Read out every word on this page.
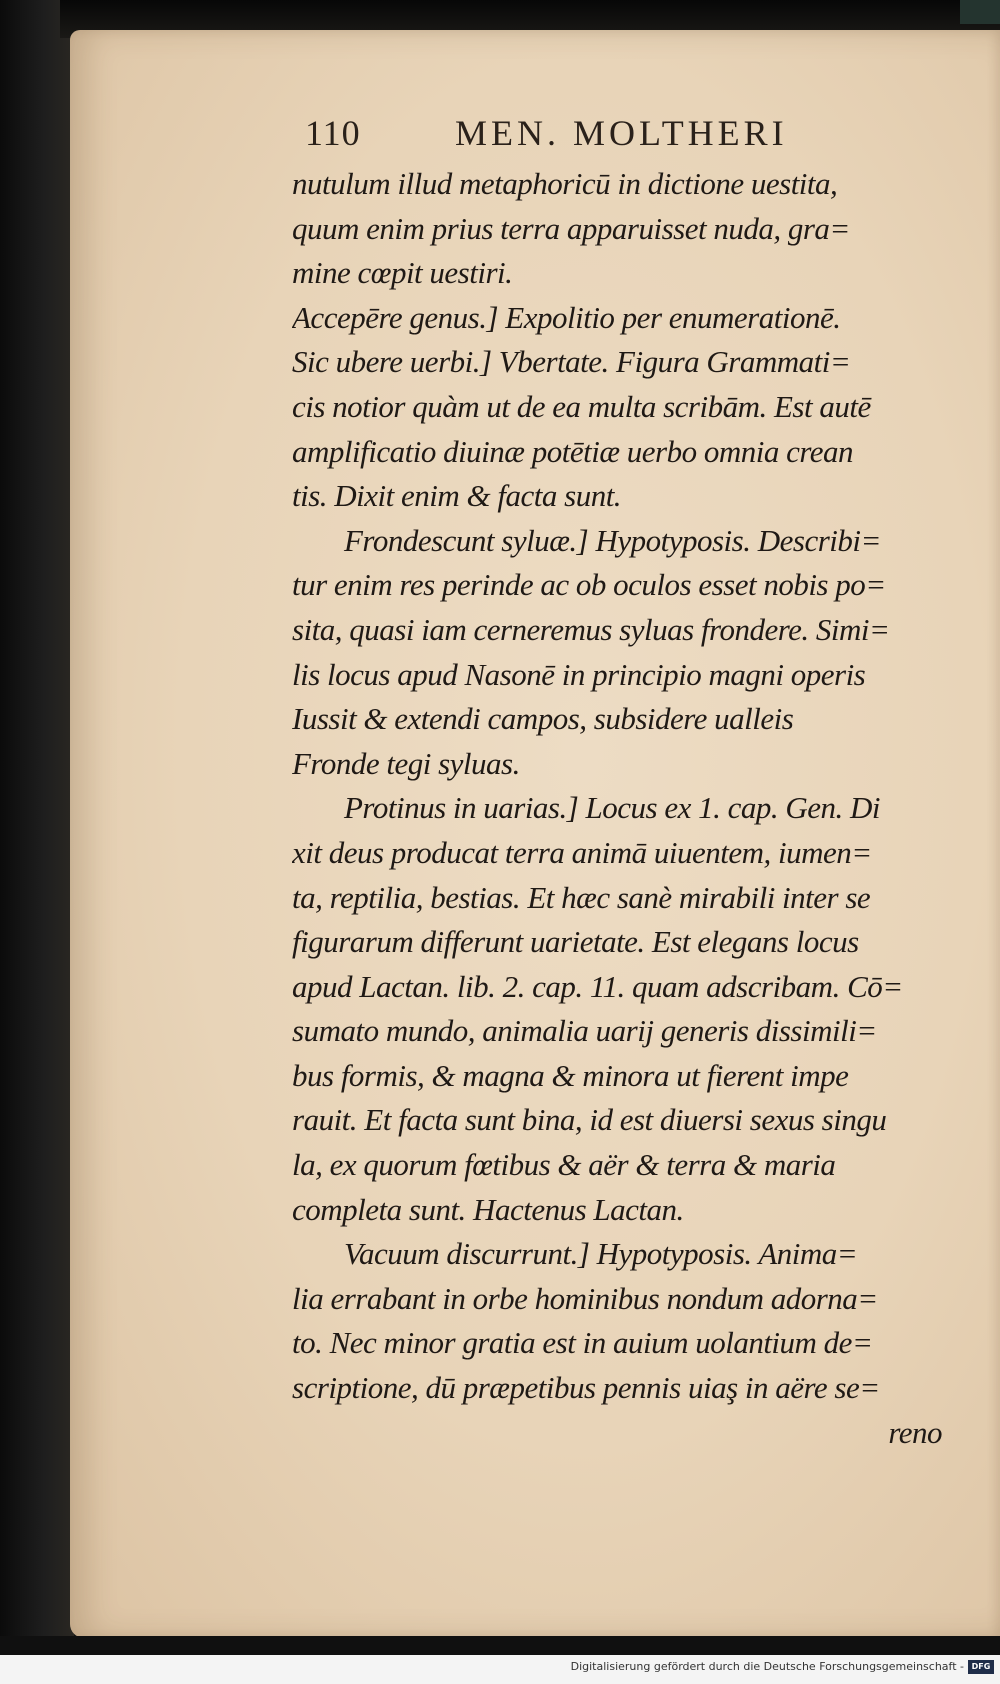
110	MEN. MOLTHERI
nutulum illud metaphoricū in dictione uestita,
quum enim prius terra apparuisset nuda, gra=
mine cœpit uestiri.
Accepēre genus.] Expolitio per enumerationē.
Sic ubere uerbi.] Vbertate. Figura Grammati=
cis notior quàm ut de ea multa scribām. Est autē
amplificatio diuinæ potētiæ uerbo omnia crean
tis. Dixit enim & facta sunt.
Frondescunt syluæ.] Hypotyposis. Describi=
tur enim res perinde ac ob oculos esset nobis po=
sita, quasi iam cerneremus syluas frondere. Simi=
lis locus apud Nasonē in principio magni operis
Iussit & extendi campos, subsidere ualleis
Fronde tegi syluas.
Protinus in uarias.] Locus ex 1. cap. Gen. Di
xit deus producat terra animā uiuentem, iumen=
ta, reptilia, bestias. Et hæc sanè mirabili inter se
figurarum differunt uarietate. Est elegans locus
apud Lactan. lib. 2. cap. 11. quam adscribam. Cō=
sumato mundo, animalia uarij generis dissimili=
bus formis, & magna & minora ut fierent impe
rauit. Et facta sunt bina, id est diuersi sexus singu
la, ex quorum fœtibus & aër & terra & maria
completa sunt. Hactenus Lactan.
Vacuum discurrunt.] Hypotyposis. Anima=
lia errabant in orbe hominibus nondum adorna=
to. Nec minor gratia est in auium uolantium de=
scriptione, dū præpetibus pennis uiaş in aëre se=
reno
Digitalisierung gefördert durch die Deutsche Forschungsgemeinschaft - DFG
